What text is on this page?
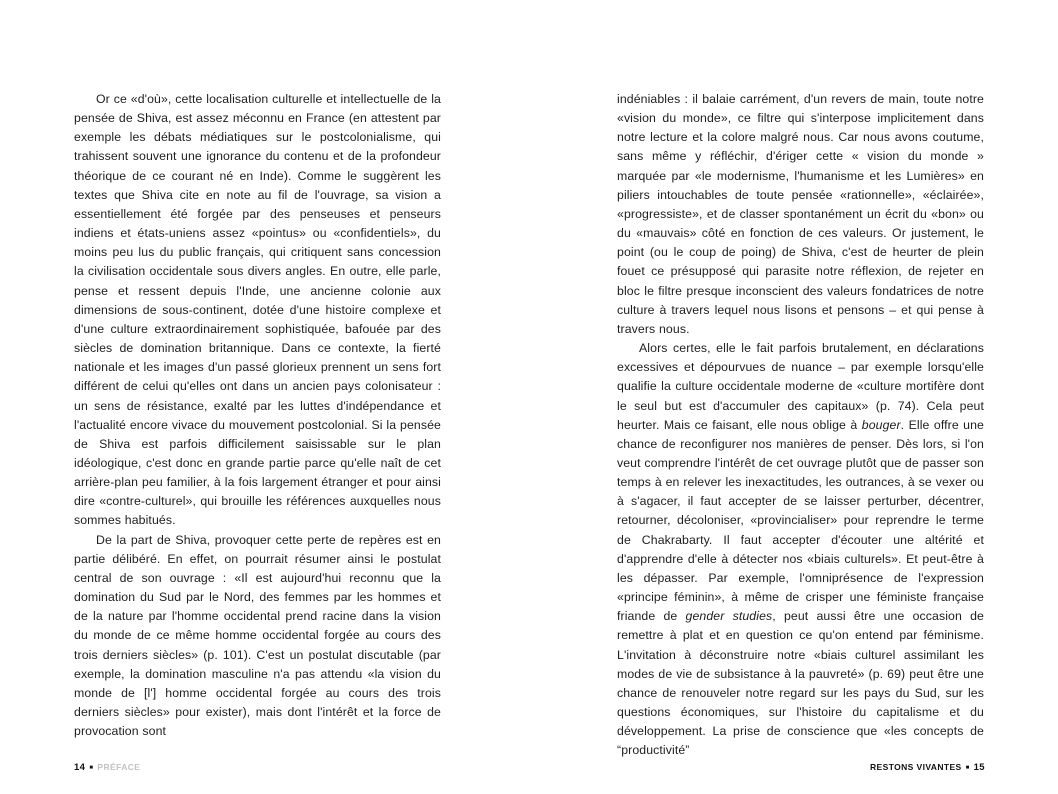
Or ce «d'où», cette localisation culturelle et intellectuelle de la pensée de Shiva, est assez méconnu en France (en attestent par exemple les débats médiatiques sur le postcolonialisme, qui trahissent souvent une ignorance du contenu et de la profondeur théorique de ce courant né en Inde). Comme le suggèrent les textes que Shiva cite en note au fil de l'ouvrage, sa vision a essentiellement été forgée par des penseuses et penseurs indiens et états-uniens assez «pointus» ou «confidentiels», du moins peu lus du public français, qui critiquent sans concession la civilisation occidentale sous divers angles. En outre, elle parle, pense et ressent depuis l'Inde, une ancienne colonie aux dimensions de sous-continent, dotée d'une histoire complexe et d'une culture extraordinairement sophistiquée, bafouée par des siècles de domination britannique. Dans ce contexte, la fierté nationale et les images d'un passé glorieux prennent un sens fort différent de celui qu'elles ont dans un ancien pays colonisateur : un sens de résistance, exalté par les luttes d'indépendance et l'actualité encore vivace du mouvement postcolonial. Si la pensée de Shiva est parfois difficilement saisissable sur le plan idéologique, c'est donc en grande partie parce qu'elle naît de cet arrière-plan peu familier, à la fois largement étranger et pour ainsi dire «contre-culturel», qui brouille les références auxquelles nous sommes habitués.

De la part de Shiva, provoquer cette perte de repères est en partie délibéré. En effet, on pourrait résumer ainsi le postulat central de son ouvrage : «Il est aujourd'hui reconnu que la domination du Sud par le Nord, des femmes par les hommes et de la nature par l'homme occidental prend racine dans la vision du monde de ce même homme occidental forgée au cours des trois derniers siècles» (p. 101). C'est un postulat discutable (par exemple, la domination masculine n'a pas attendu «la vision du monde de [l'] homme occidental forgée au cours des trois derniers siècles» pour exister), mais dont l'intérêt et la force de provocation sont

indéniables : il balaie carrément, d'un revers de main, toute notre «vision du monde», ce filtre qui s'interpose implicitement dans notre lecture et la colore malgré nous. Car nous avons coutume, sans même y réfléchir, d'ériger cette « vision du monde » marquée par «le modernisme, l'humanisme et les Lumières» en piliers intouchables de toute pensée «rationnelle», «éclairée», «progressiste», et de classer spontanément un écrit du «bon» ou du «mauvais» côté en fonction de ces valeurs. Or justement, le point (ou le coup de poing) de Shiva, c'est de heurter de plein fouet ce présupposé qui parasite notre réflexion, de rejeter en bloc le filtre presque inconscient des valeurs fondatrices de notre culture à travers lequel nous lisons et pensons – et qui pense à travers nous.

Alors certes, elle le fait parfois brutalement, en déclarations excessives et dépourvues de nuance – par exemple lorsqu'elle qualifie la culture occidentale moderne de «culture mortifère dont le seul but est d'accumuler des capitaux» (p. 74). Cela peut heurter. Mais ce faisant, elle nous oblige à bouger. Elle offre une chance de reconfigurer nos manières de penser. Dès lors, si l'on veut comprendre l'intérêt de cet ouvrage plutôt que de passer son temps à en relever les inexactitudes, les outrances, à se vexer ou à s'agacer, il faut accepter de se laisser perturber, décentrer, retourner, décoloniser, «provincialiser» pour reprendre le terme de Chakrabarty. Il faut accepter d'écouter une altérité et d'apprendre d'elle à détecter nos «biais culturels». Et peut-être à les dépasser. Par exemple, l'omniprésence de l'expression «principe féminin», à même de crisper une féministe française friande de gender studies, peut aussi être une occasion de remettre à plat et en question ce qu'on entend par féminisme. L'invitation à déconstruire notre «biais culturel assimilant les modes de vie de subsistance à la pauvreté» (p. 69) peut être une chance de renouveler notre regard sur les pays du Sud, sur les questions économiques, sur l'histoire du capitalisme et du développement. La prise de conscience que «les concepts de “productivité”

14 ■ PRÉFACE	RESTONS VIVANTES ■ 15
